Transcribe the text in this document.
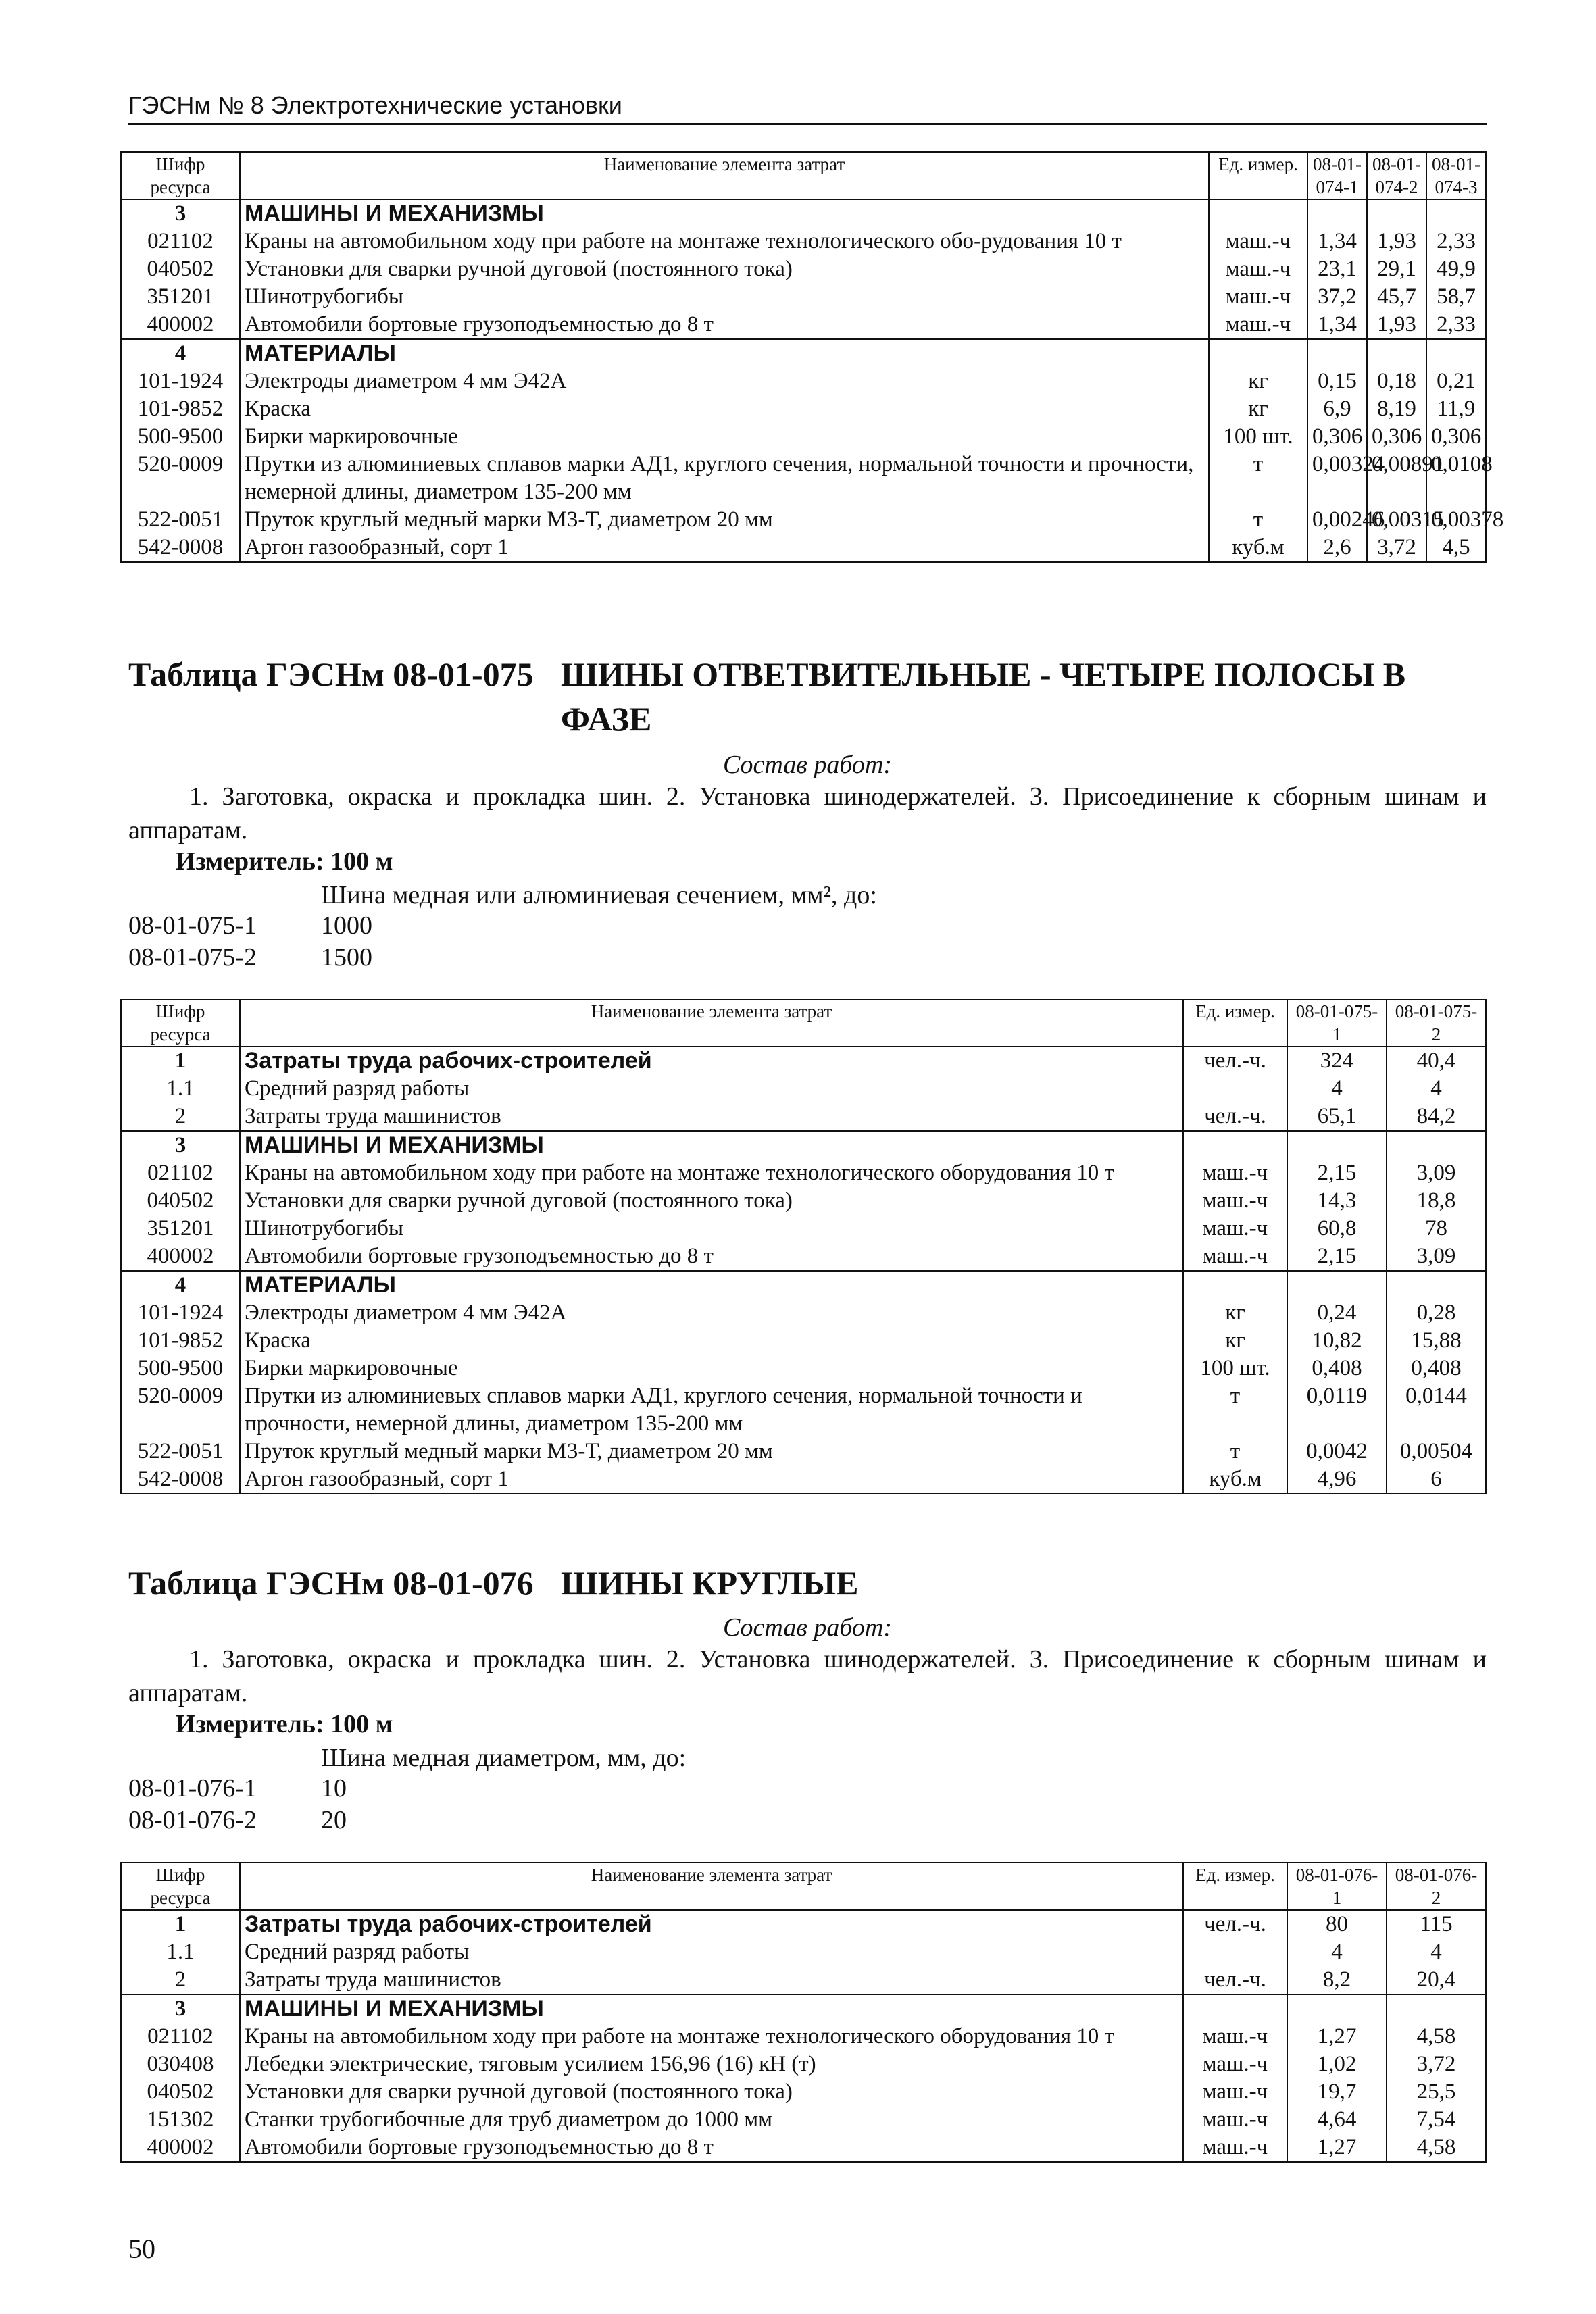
ГЭСНм № 8 Электротехнические установки
Шифр ресурса	Наименование элемента затрат	Ед. измер.	08-01-074-1	08-01-074-2	08-01-074-3
3	МАШИНЫ И МЕХАНИЗМЫ				
021102	Краны на автомобильном ходу при работе на монтаже технологического обо-рудования 10 т	маш.-ч	1,34	1,93	2,33
040502	Установки для сварки ручной дуговой (постоянного тока)	маш.-ч	23,1	29,1	49,9
351201	Шинотрубогибы	маш.-ч	37,2	45,7	58,7
400002	Автомобили бортовые грузоподъемностью до 8 т	маш.-ч	1,34	1,93	2,33
4	МАТЕРИАЛЫ				
101-1924	Электроды диаметром 4 мм Э42А	кг	0,15	0,18	0,21
101-9852	Краска	кг	6,9	8,19	11,9
500-9500	Бирки маркировочные	100 шт.	0,306	0,306	0,306
520-0009	Прутки из алюминиевых сплавов марки АД1, круглого сечения, нормальной точности и прочности, немерной длины, диаметром 135-200 мм	т	0,00324	0,00891	0,0108
522-0051	Пруток круглый медный марки М3-Т, диаметром 20 мм	т	0,00246	0,00315	0,00378
542-0008	Аргон газообразный, сорт 1	куб.м	2,6	3,72	4,5
Таблица ГЭСНм 08-01-075 ШИНЫ ОТВЕТВИТЕЛЬНЫЕ - ЧЕТЫРЕ ПОЛОСЫ В ФАЗЕ
Состав работ:
1. Заготовка, окраска и прокладка шин. 2. Установка шинодержателей. 3. Присоединение к сборным шинам и аппаратам.
Измеритель: 100 м
Шина медная или алюминиевая сечением, мм², до:
08-01-075-1	1000
08-01-075-2	1500
Шифр ресурса	Наименование элемента затрат	Ед. измер.	08-01-075-1	08-01-075-2
1	Затраты труда рабочих-строителей	чел.-ч.	324	40,4
1.1	Средний разряд работы		4	4
2	Затраты труда машинистов	чел.-ч.	65,1	84,2
3	МАШИНЫ И МЕХАНИЗМЫ			
021102	Краны на автомобильном ходу при работе на монтаже технологического оборудования 10 т	маш.-ч	2,15	3,09
040502	Установки для сварки ручной дуговой (постоянного тока)	маш.-ч	14,3	18,8
351201	Шинотрубогибы	маш.-ч	60,8	78
400002	Автомобили бортовые грузоподъемностью до 8 т	маш.-ч	2,15	3,09
4	МАТЕРИАЛЫ			
101-1924	Электроды диаметром 4 мм Э42А	кг	0,24	0,28
101-9852	Краска	кг	10,82	15,88
500-9500	Бирки маркировочные	100 шт.	0,408	0,408
520-0009	Прутки из алюминиевых сплавов марки АД1, круглого сечения, нормальной точности и прочности, немерной длины, диаметром 135-200 мм	т	0,0119	0,0144
522-0051	Пруток круглый медный марки М3-Т, диаметром 20 мм	т	0,0042	0,00504
542-0008	Аргон газообразный, сорт 1	куб.м	4,96	6
Таблица ГЭСНм 08-01-076 ШИНЫ КРУГЛЫЕ
Состав работ:
1. Заготовка, окраска и прокладка шин. 2. Установка шинодержателей. 3. Присоединение к сборным шинам и аппаратам.
Измеритель: 100 м
Шина медная диаметром, мм, до:
08-01-076-1	10
08-01-076-2	20
Шифр ресурса	Наименование элемента затрат	Ед. измер.	08-01-076-1	08-01-076-2
1	Затраты труда рабочих-строителей	чел.-ч.	80	115
1.1	Средний разряд работы		4	4
2	Затраты труда машинистов	чел.-ч.	8,2	20,4
3	МАШИНЫ И МЕХАНИЗМЫ			
021102	Краны на автомобильном ходу при работе на монтаже технологического оборудования 10 т	маш.-ч	1,27	4,58
030408	Лебедки электрические, тяговым усилием 156,96 (16) кН (т)	маш.-ч	1,02	3,72
040502	Установки для сварки ручной дуговой (постоянного тока)	маш.-ч	19,7	25,5
151302	Станки трубогибочные для труб диаметром до 1000 мм	маш.-ч	4,64	7,54
400002	Автомобили бортовые грузоподъемностью до 8 т	маш.-ч	1,27	4,58
50
